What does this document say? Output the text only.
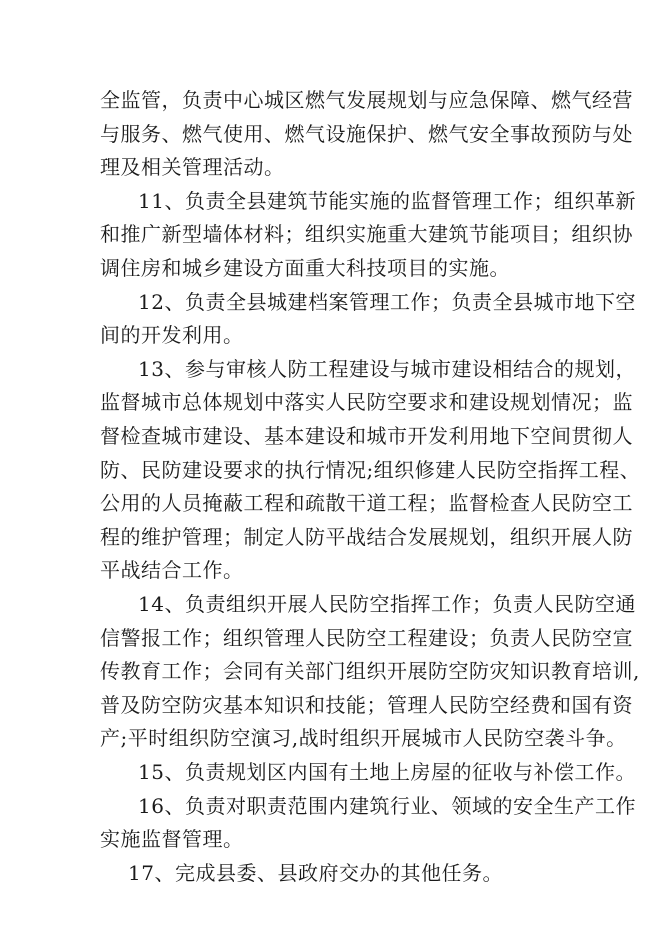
全监管，负责中心城区燃气发展规划与应急保障、燃气经营
与服务、燃气使用、燃气设施保护、燃气安全事故预防与处
理及相关管理活动。
11、负责全县建筑节能实施的监督管理工作；组织革新
和推广新型墙体材料；组织实施重大建筑节能项目；组织协
调住房和城乡建设方面重大科技项目的实施。
12、负责全县城建档案管理工作；负责全县城市地下空
间的开发利用。
13、参与审核人防工程建设与城市建设相结合的规划，
监督城市总体规划中落实人民防空要求和建设规划情况；监
督检查城市建设、基本建设和城市开发利用地下空间贯彻人
防、民防建设要求的执行情况;组织修建人民防空指挥工程、
公用的人员掩蔽工程和疏散干道工程；监督检查人民防空工
程的维护管理；制定人防平战结合发展规划，组织开展人防
平战结合工作。
14、负责组织开展人民防空指挥工作；负责人民防空通
信警报工作；组织管理人民防空工程建设；负责人民防空宣
传教育工作；会同有关部门组织开展防空防灾知识教育培训,
普及防空防灾基本知识和技能；管理人民防空经费和国有资
产;平时组织防空演习,战时组织开展城市人民防空袭斗争。
15、负责规划区内国有土地上房屋的征收与补偿工作。
16、负责对职责范围内建筑行业、领域的安全生产工作
实施监督管理。
17、完成县委、县政府交办的其他任务。
